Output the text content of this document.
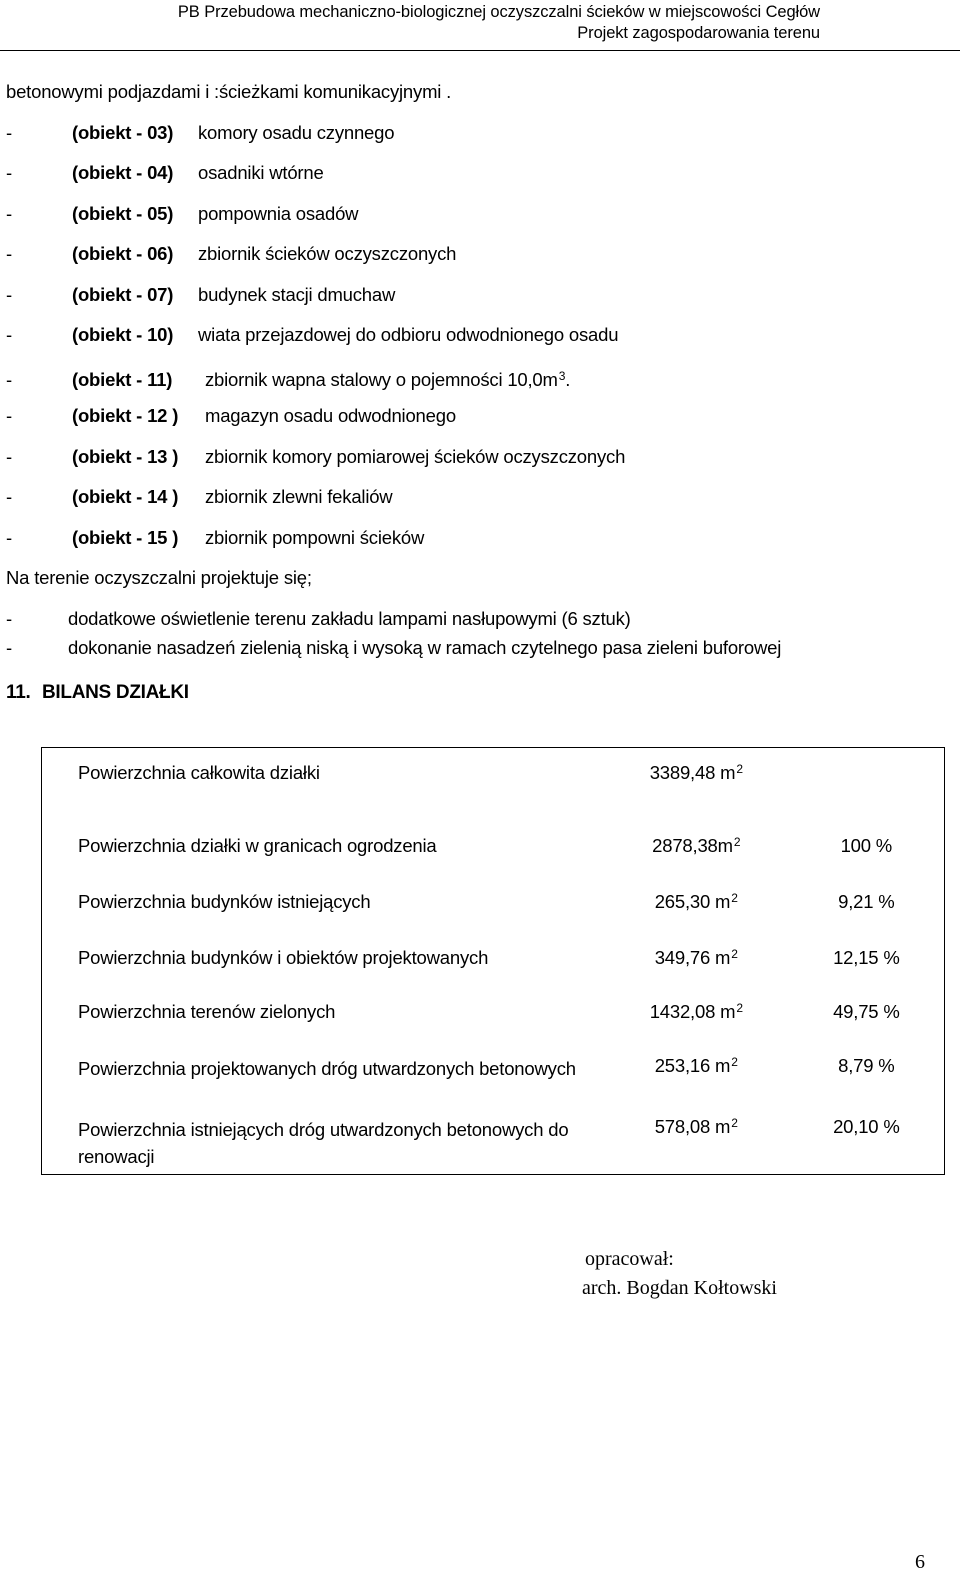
PB Przebudowa mechaniczno-biologicznej oczyszczalni ścieków w miejscowości Cegłów
Projekt zagospodarowania terenu
betonowymi podjazdami i :ścieżkami komunikacyjnymi .
-	(obiekt - 03) komory osadu czynnego
-	(obiekt - 04) osadniki wtórne
-	(obiekt - 05) pompownia osadów
-	(obiekt - 06) zbiornik ścieków oczyszczonych
-	(obiekt - 07) budynek stacji dmuchaw
-	(obiekt - 10) wiata przejazdowej do odbioru odwodnionego osadu
-	(obiekt - 11) zbiornik wapna stalowy o pojemności $10,0m^3$.
-	(obiekt - 12 ) magazyn osadu odwodnionego
-	(obiekt - 13 ) zbiornik komory pomiarowej ścieków oczyszczonych
-	(obiekt - 14 ) zbiornik zlewni fekaliów
-	(obiekt - 15 ) zbiornik pompowni ścieków
Na terenie oczyszczalni projektuje się;
-	dodatkowe oświetlenie terenu zakładu lampami nasłupowymi (6 sztuk)
-	dokonanie nasadzeń zielenią niską i wysoką w ramach czytelnego pasa zieleni buforowej
11. BILANS DZIAŁKI

Powierzchnia całkowita działki	3389,48 $m^2$	
Powierzchnia działki w granicach ogrodzenia	$2878,38m^2$	100 %
Powierzchnia budynków istniejących	265,30 $m^2$	9,21 %
Powierzchnia budynków i obiektów projektowanych	349,76 $m^2$	12,15 %
Powierzchnia terenów zielonych	1432,08 $m^2$	49,75 %
Powierzchnia projektowanych dróg utwardzonych betonowych	253,16 $m^2$	8,79 %
Powierzchnia istniejących dróg utwardzonych betonowych do renowacji	578,08 $m^2$	20,10 %
opracował:
arch. Bogdan Kołtowski
6
